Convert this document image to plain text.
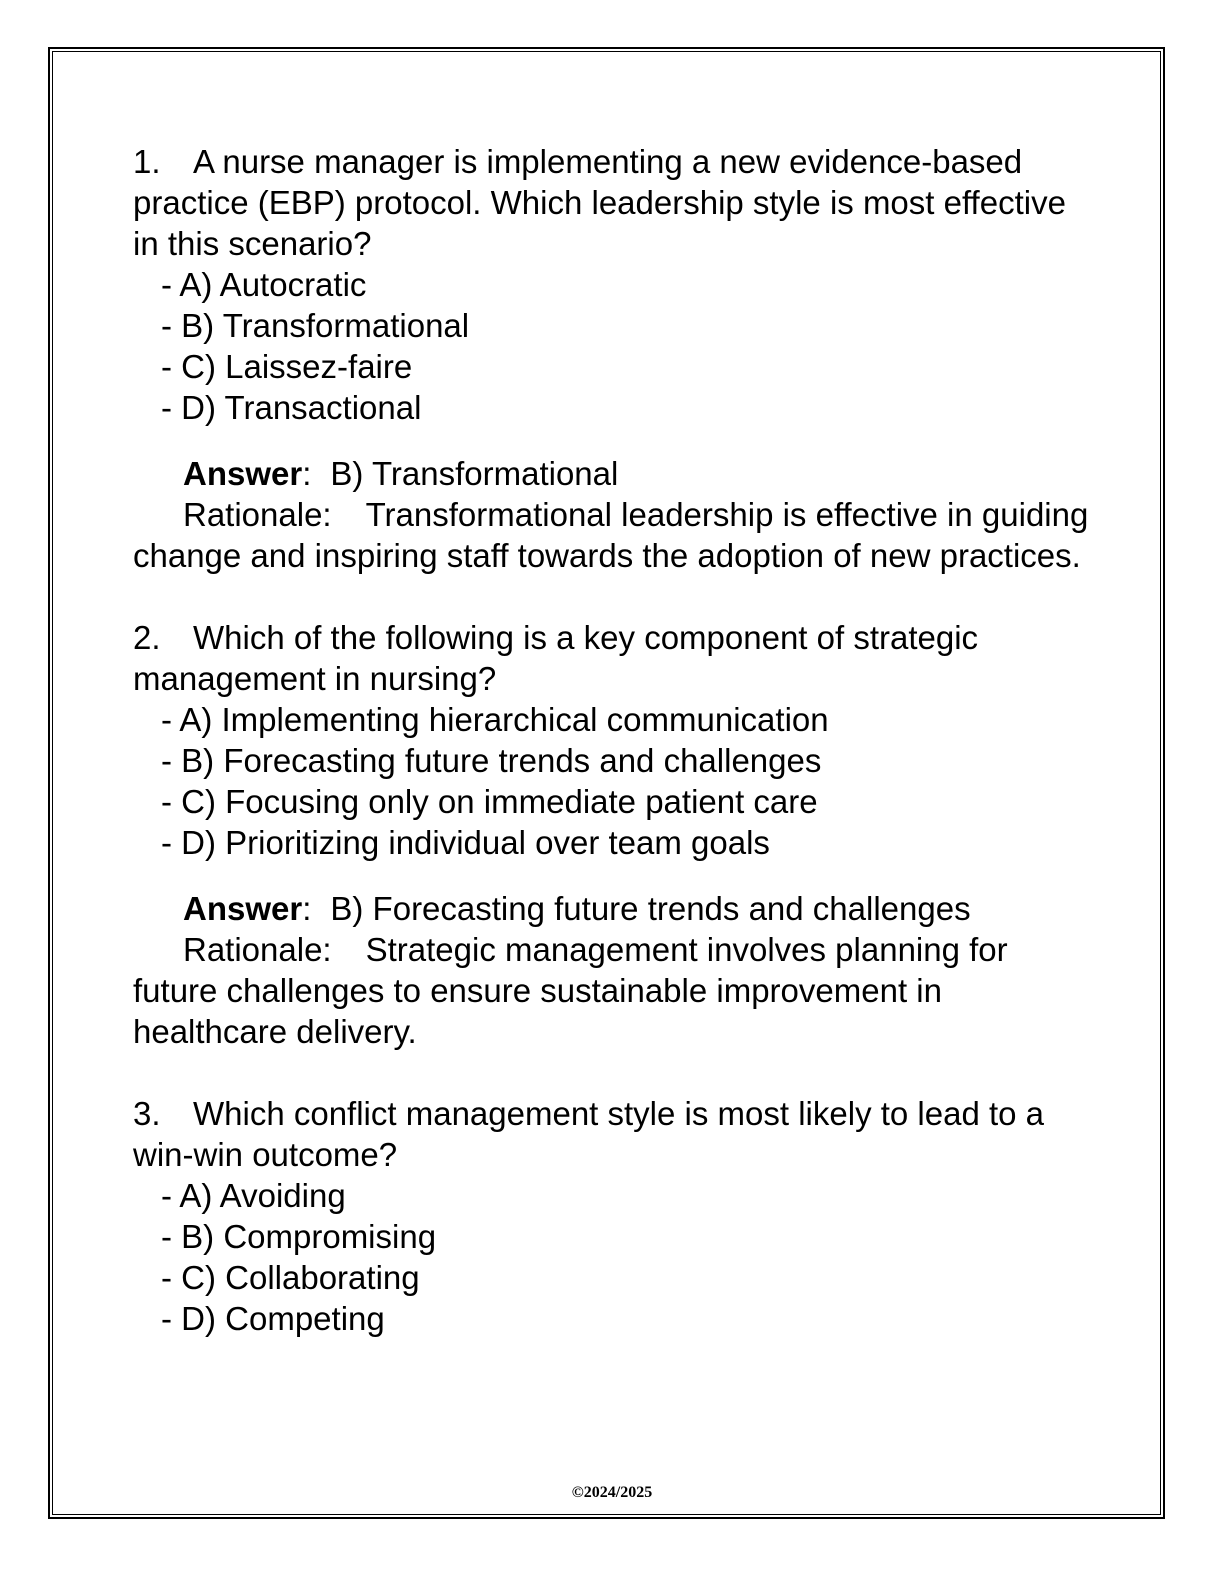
1. A nurse manager is implementing a new evidence-based practice (EBP) protocol. Which leadership style is most effective in this scenario?

- A) Autocratic
- B) Transformational
- C) Laissez-faire
- D) Transactional
Answer: B) Transformational
Rationale: Transformational leadership is effective in guiding change and inspiring staff towards the adoption of new practices.

2. Which of the following is a key component of strategic management in nursing?

- A) Implementing hierarchical communication
- B) Forecasting future trends and challenges
- C) Focusing only on immediate patient care
- D) Prioritizing individual over team goals
Answer: B) Forecasting future trends and challenges
Rationale: Strategic management involves planning for future challenges to ensure sustainable improvement in healthcare delivery.

3. Which conflict management style is most likely to lead to a win-win outcome?

- A) Avoiding
- B) Compromising
- C) Collaborating
- D) Competing
©2024/2025
